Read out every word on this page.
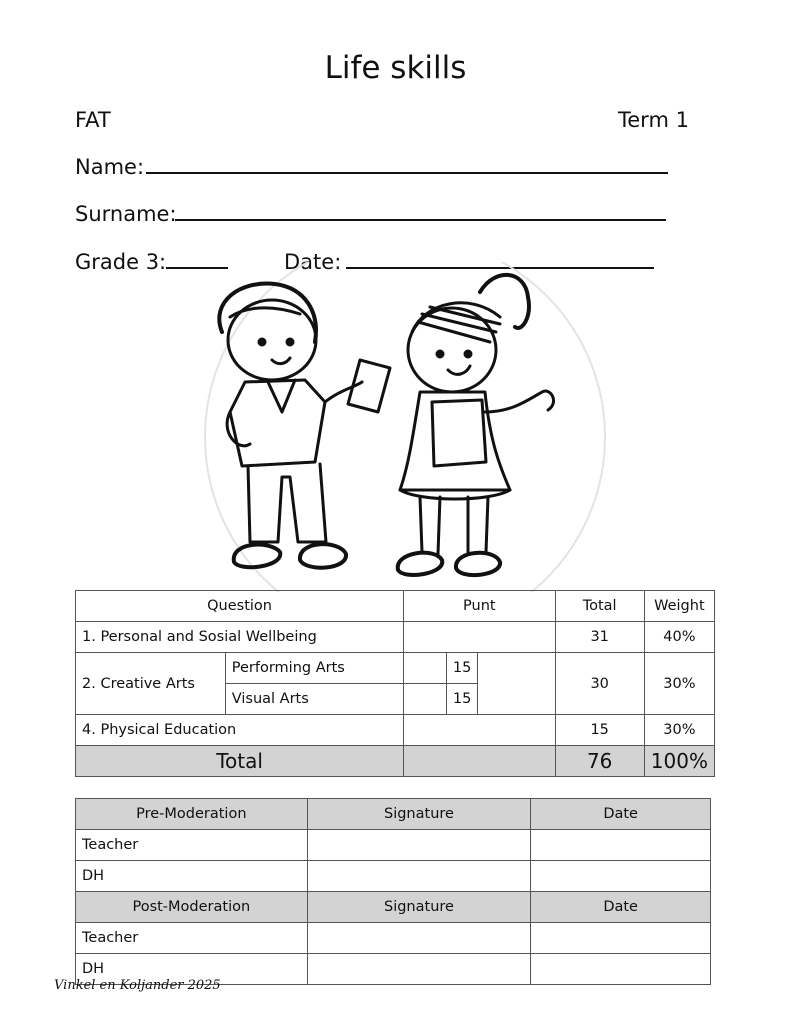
Life skills
FAT	Term 1
Name:
Surname:
Grade 3:	Date:
Question		Punt			Total	Weight
1. Personal and Sosial Wellbeing					31	40%
2. Creative Arts	Performing Arts		15		30	30%
	Visual Arts		15			
4. Physical Education					15	30%
Total					76	100%
Pre-Moderation	Signature	Date
Teacher		
DH		
Post-Moderation	Signature	Date
Teacher		
DH		
Vinkel en Koljander 2025
